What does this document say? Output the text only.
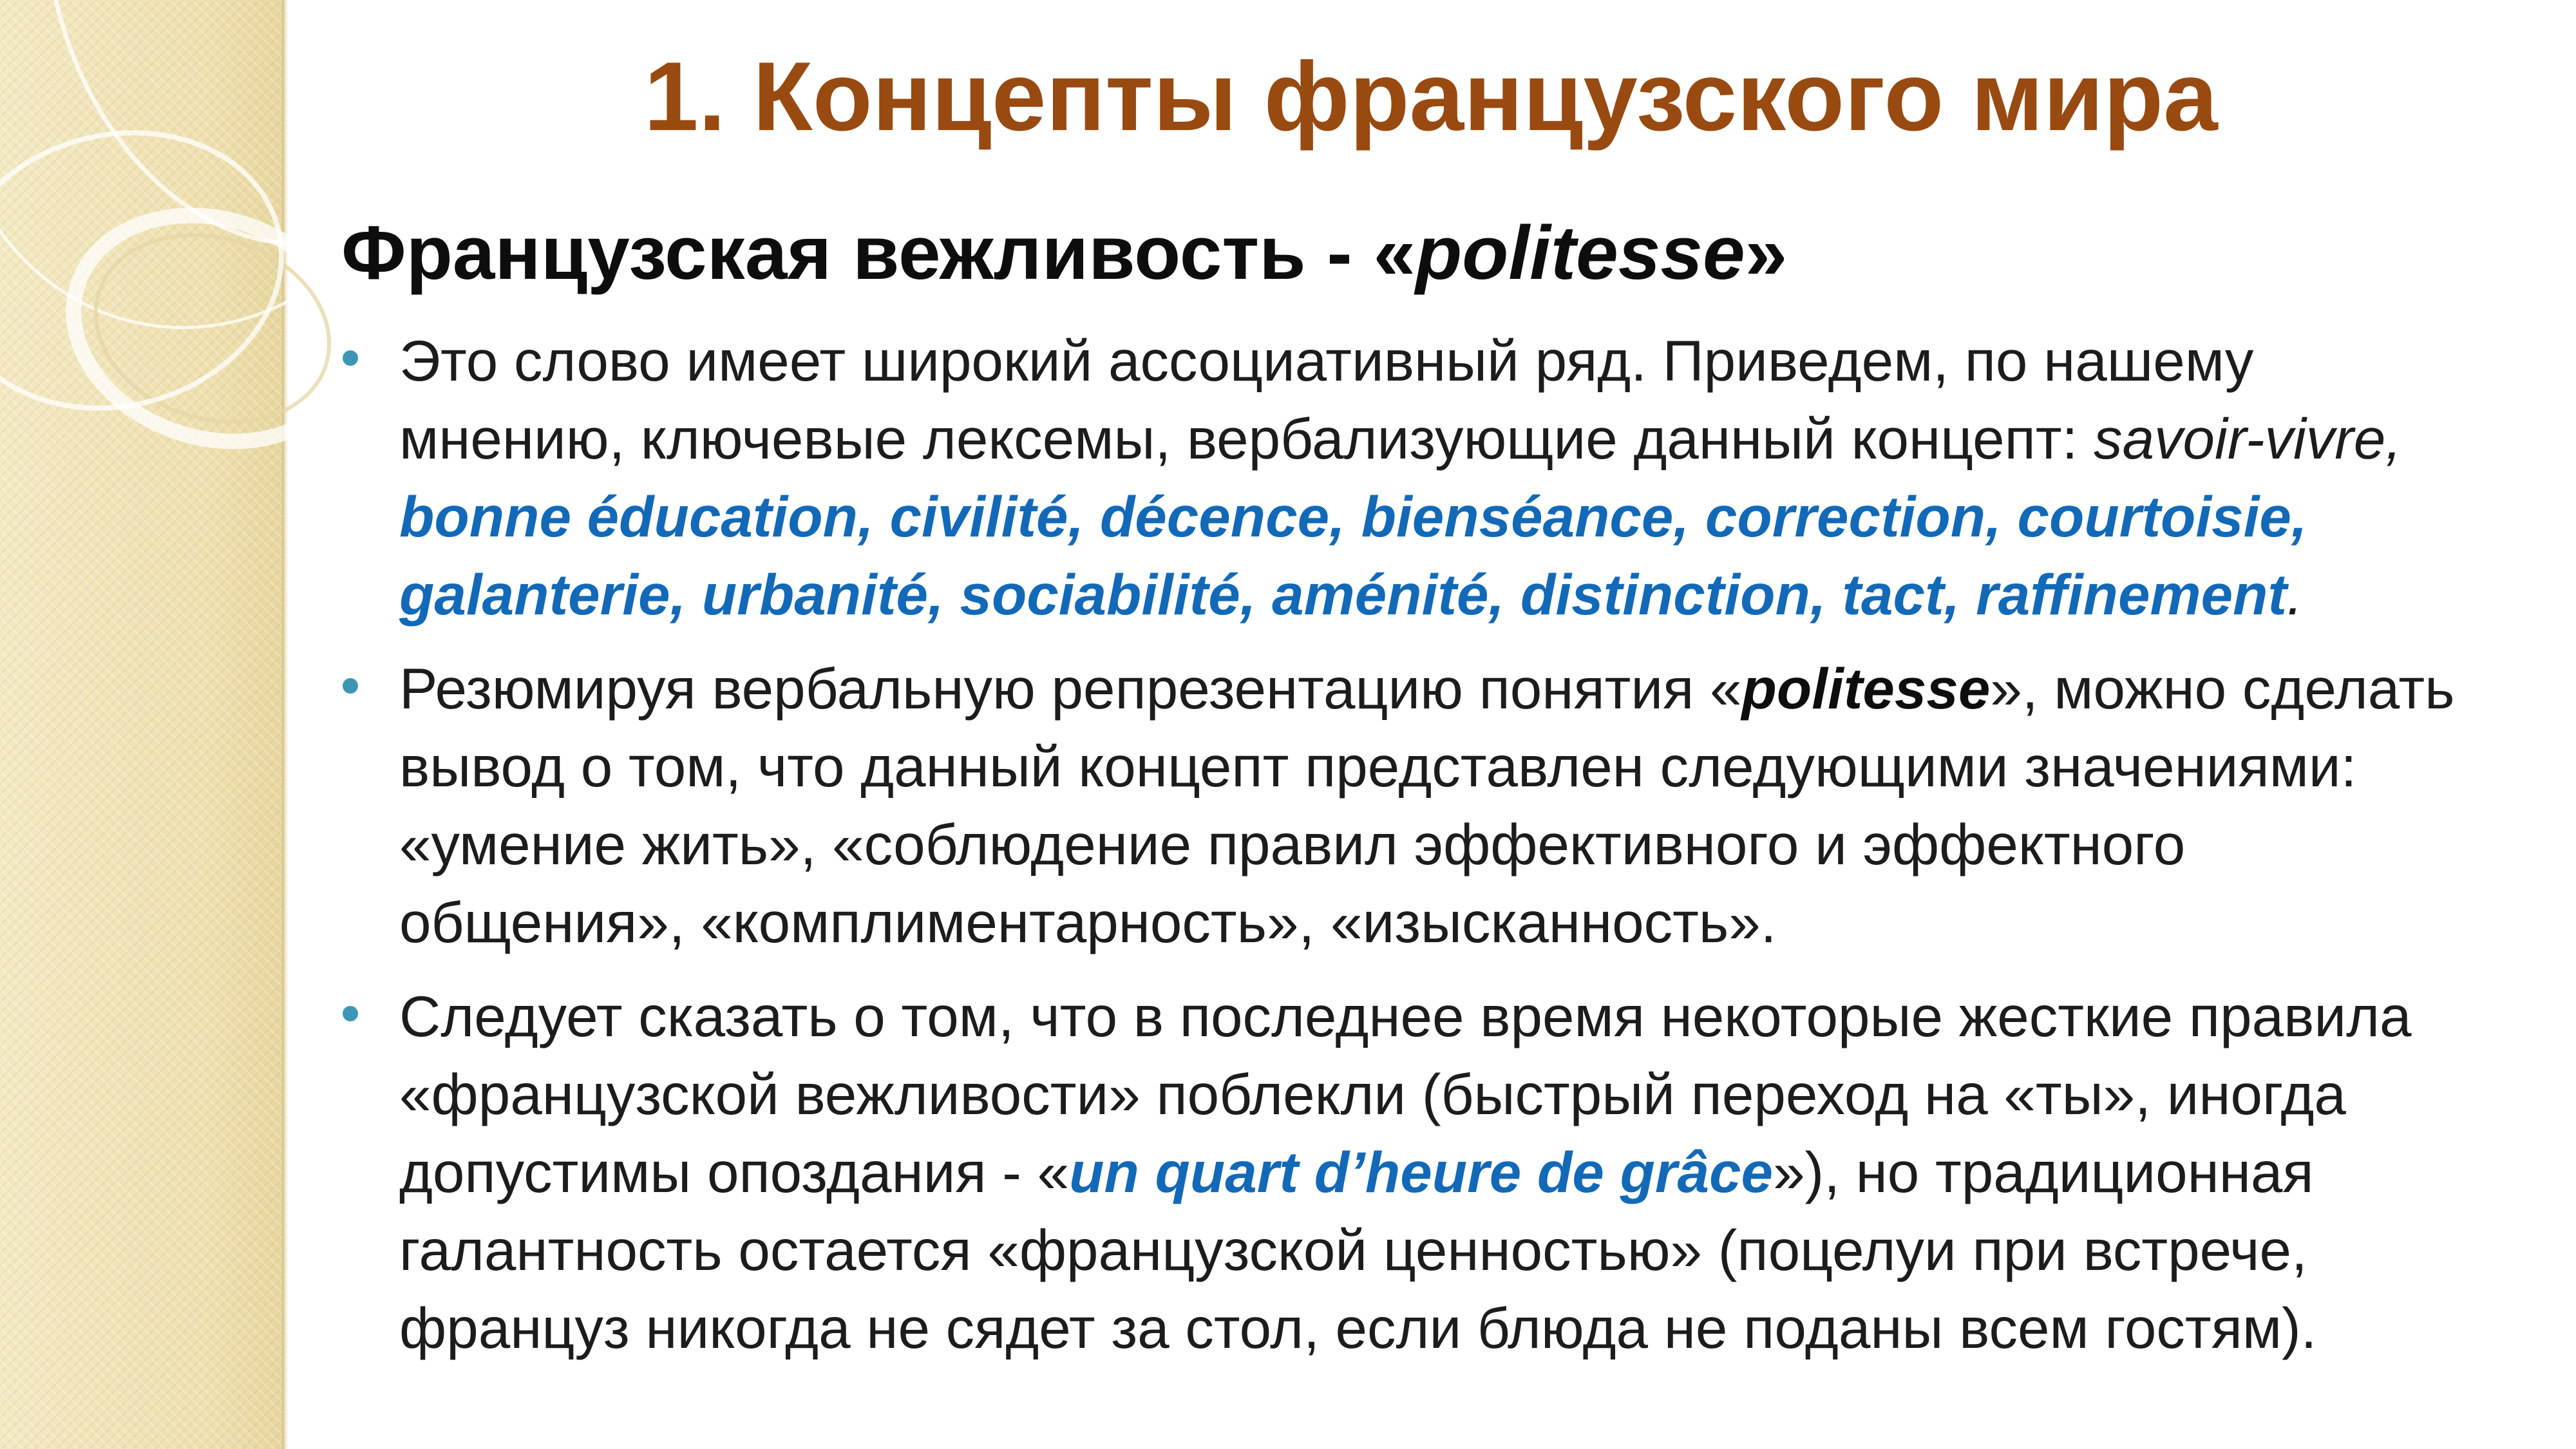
1. Концепты французского мира
Французская вежливость - «politesse»
Это слово имеет широкий ассоциативный ряд. Приведем, по нашему
мнению, ключевые лексемы, вербализующие данный концепт: savoir-vivre,
bonne éducation, civilité, décence, bienséance, correction, courtoisie,
galanterie, urbanité, sociabilité, aménité, distinction, tact, raffinement.
Резюмируя вербальную репрезентацию понятия «politesse», можно сделать
вывод о том, что данный концепт представлен следующими значениями:
«умение жить», «соблюдение правил эффективного и эффектного
общения», «комплиментарность», «изысканность».
Следует сказать о том, что в последнее время некоторые жесткие правила
«французской вежливости» поблекли (быстрый переход на «ты», иногда
допустимы опоздания - «un quart d’heure de grâce»), но традиционная
галантность остается «французской ценностью» (поцелуи при встрече,
француз никогда не сядет за стол, если блюда не поданы всем гостям).
